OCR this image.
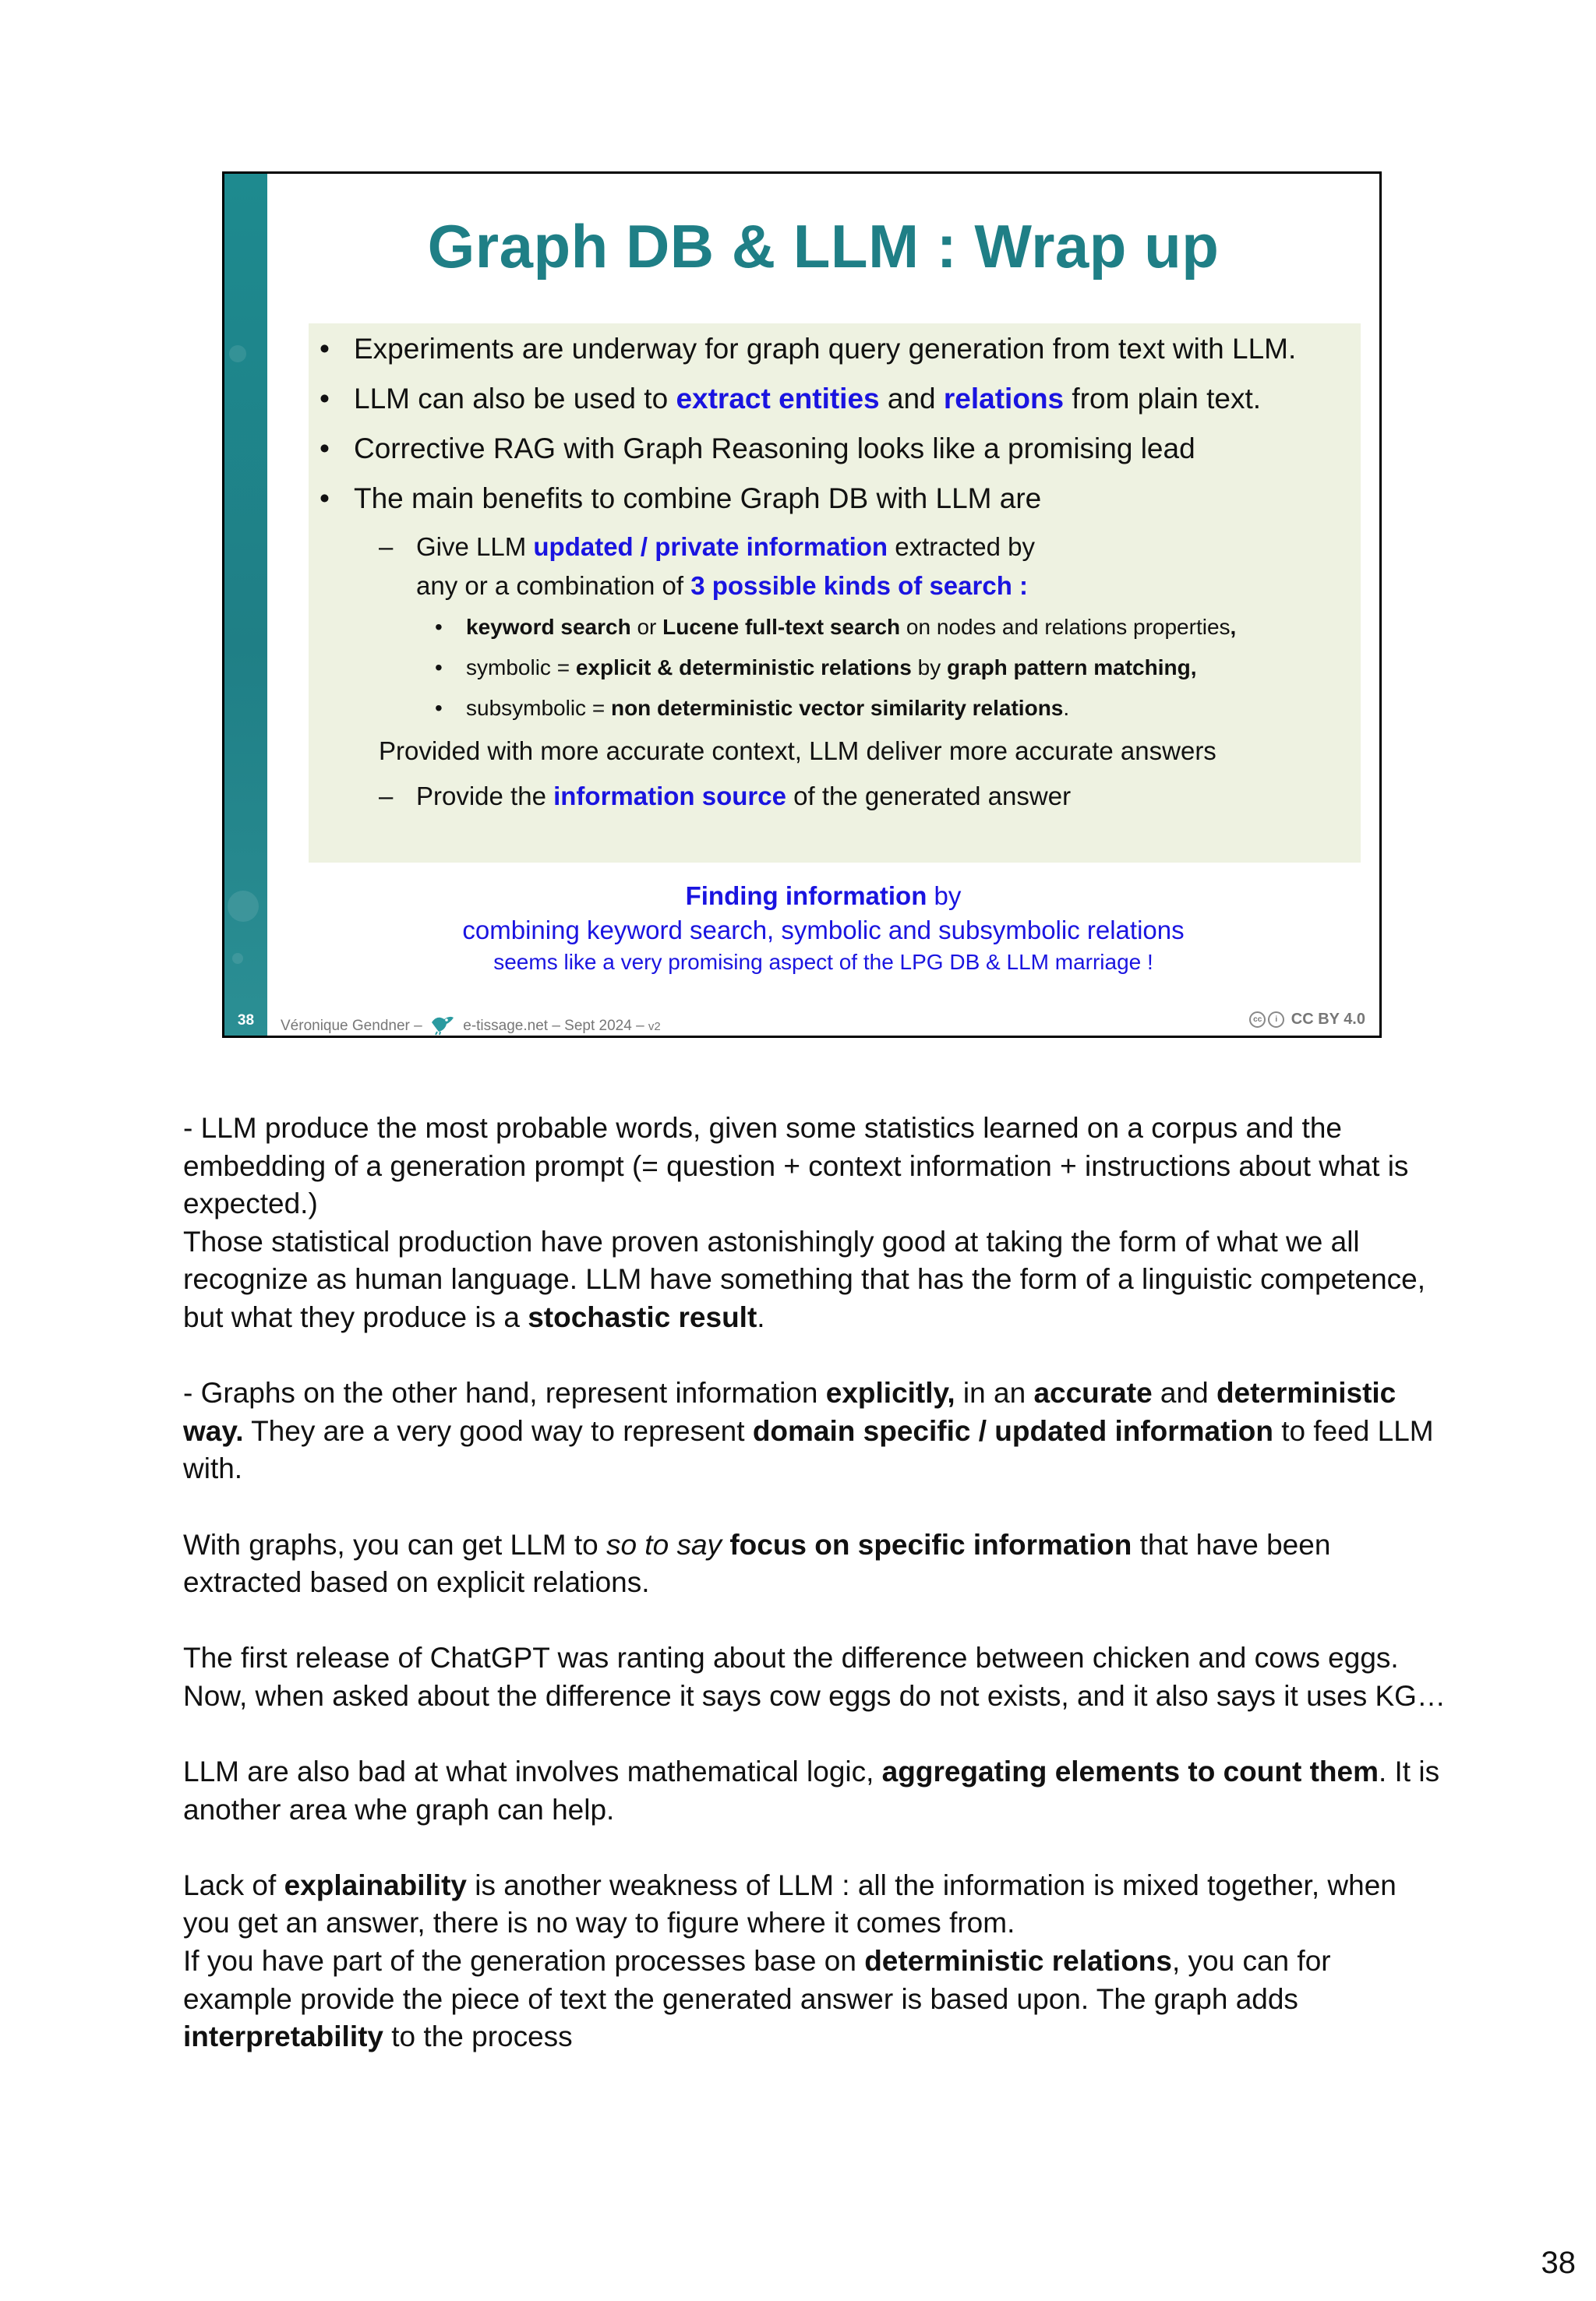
Graph DB & LLM : Wrap up
• Experiments are underway for graph query generation from text with LLM.
• LLM can also be used to extract entities and relations from plain text.
• Corrective RAG with Graph Reasoning looks like a promising lead
• The main benefits to combine Graph DB with LLM are
– Give LLM updated / private information extracted by
any or a combination of 3 possible kinds of search :
• keyword search or Lucene full-text search on nodes and relations properties,
• symbolic = explicit & deterministic relations by graph pattern matching,
• subsymbolic = non deterministic vector similarity relations.
Provided with more accurate context, LLM deliver more accurate answers
– Provide the information source of the generated answer
Finding information by
combining keyword search, symbolic and subsymbolic relations
seems like a very promising aspect of the LPG DB & LLM marriage !
38	Véronique Gendner –	e-tissage.net – Sept 2024 – v2
cc i CC BY 4.0

- LLM produce the most probable words, given some statistics learned on a corpus and the embedding of a generation prompt (= question + context information + instructions about what is expected.)

Those statistical production have proven astonishingly good at taking the form of what we all recognize as human language. LLM have something that has the form of a linguistic competence, but what they produce is a stochastic result.

- Graphs on the other hand, represent information explicitly, in an accurate and deterministic way. They are a very good way to represent domain specific / updated information to feed LLM with.

With graphs, you can get LLM to so to say focus on specific information that have been extracted based on explicit relations.

The first release of ChatGPT was ranting about the difference between chicken and cows eggs.

Now, when asked about the difference it says cow eggs do not exists, and it also says it uses KG…

LLM are also bad at what involves mathematical logic, aggregating elements to count them. It is another area whe graph can help.

Lack of explainability is another weakness of LLM : all the information is mixed together, when you get an answer, there is no way to figure where it comes from.

If you have part of the generation processes base on deterministic relations, you can for example provide the piece of text the generated answer is based upon. The graph adds interpretability to the process

38
